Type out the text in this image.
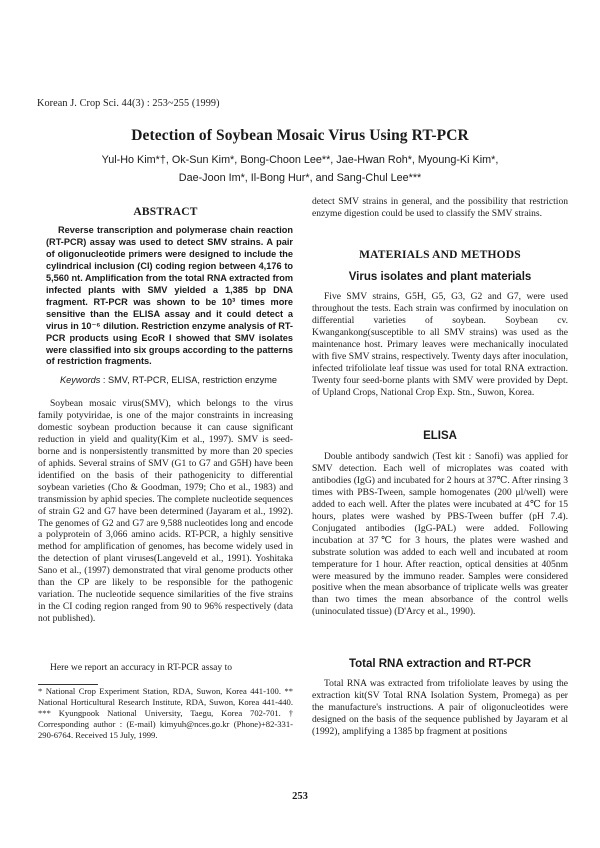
Korean J. Crop Sci. 44(3) : 253~255 (1999)
Detection of Soybean Mosaic Virus Using RT-PCR
Yul-Ho Kim*†, Ok-Sun Kim*, Bong-Choon Lee**, Jae-Hwan Roh*, Myoung-Ki Kim*,
Dae-Joon Im*, Il-Bong Hur*, and Sang-Chul Lee***
ABSTRACT
Reverse transcription and polymerase chain reaction (RT-PCR) assay was used to detect SMV strains. A pair of oligonucleotide primers were designed to include the cylindrical inclusion (CI) coding region between 4,176 to 5,560 nt. Amplification from the total RNA extracted from infected plants with SMV yielded a 1,385 bp DNA fragment. RT-PCR was shown to be 10³ times more sensitive than the ELISA assay and it could detect a virus in 10⁻⁶ dilution. Restriction enzyme analysis of RT- PCR products using EcoR I showed that SMV isolates were classified into six groups according to the patterns of restriction fragments.
Keywords : SMV, RT-PCR, ELISA, restriction enzyme

Soybean mosaic virus(SMV), which belongs to the virus family potyviridae, is one of the major constraints in increasing domestic soybean production because it can cause significant reduction in yield and quality(Kim et al., 1997). SMV is seed-borne and is nonpersistently transmitted by more than 20 species of aphids. Several strains of SMV (G1 to G7 and G5H) have been identified on the basis of their pathogenicity to differential soybean varieties (Cho & Goodman, 1979; Cho et al., 1983) and transmission by aphid species. The complete nucleotide sequences of strain G2 and G7 have been determined (Jayaram et al., 1992). The genomes of G2 and G7 are 9,588 nucleotides long and encode a polyprotein of 3,066 amino acids. RT-PCR, a highly sensitive method for amplification of genomes, has become widely used in the detection of plant viruses(Langeveld et al., 1991). Yoshitaka Sano et al., (1997) demonstrated that viral genome products other than the CP are likely to be responsible for the pathogenic variation. The nucleotide sequence similarities of the five strains in the CI coding region ranged from 90 to 96% respectively (data not published).

Here we report an accuracy in RT-PCR assay to

* National Crop Experiment Station, RDA, Suwon, Korea 441-100. ** National Horticultural Research Institute, RDA, Suwon, Korea 441-440. *** Kyungpook National University, Taegu, Korea 702-701. † Corresponding author : (E-mail) kimyuh@nces.go.kr (Phone)+82-331-290-6764. Received 15 July, 1999.

detect SMV strains in general, and the possibility that restriction enzyme digestion could be used to classify the SMV strains.

MATERIALS AND METHODS
Virus isolates and plant materials

Five SMV strains, G5H, G5, G3, G2 and G7, were used throughout the tests. Each strain was confirmed by inoculation on differential varieties of soybean. Soybean cv. Kwangankong(susceptible to all SMV strains) was used as the maintenance host. Primary leaves were mechanically inoculated with five SMV strains, respectively. Twenty days after inoculation, infected trifoliolate leaf tissue was used for total RNA extraction. Twenty four seed-borne plants with SMV were provided by Dept. of Upland Crops, National Crop Exp. Stn., Suwon, Korea.

ELISA

Double antibody sandwich (Test kit : Sanofi) was applied for SMV detection. Each well of microplates was coated with antibodies (IgG) and incubated for 2 hours at 37℃. After rinsing 3 times with PBS-Tween, sample homogenates (200 μl/well) were added to each well. After the plates were incubated at 4℃ for 15 hours, plates were washed by PBS-Tween buffer (pH 7.4). Conjugated antibodies (IgG-PAL) were added. Following incubation at 37℃ for 3 hours, the plates were washed and substrate solution was added to each well and incubated at room temperature for 1 hour. After reaction, optical densities at 405nm were measured by the immuno reader. Samples were considered positive when the mean absorbance of triplicate wells was greater than two times the mean absorbance of the control wells (uninoculated tissue) (D'Arcy et al., 1990).

Total RNA extraction and RT-PCR

Total RNA was extracted from trifoliolate leaves by using the extraction kit(SV Total RNA Isolation System, Promega) as per the manufacture's instructions. A pair of oligonucleotides were designed on the basis of the sequence published by Jayaram et al (1992), amplifying a 1385 bp fragment at positions

253
